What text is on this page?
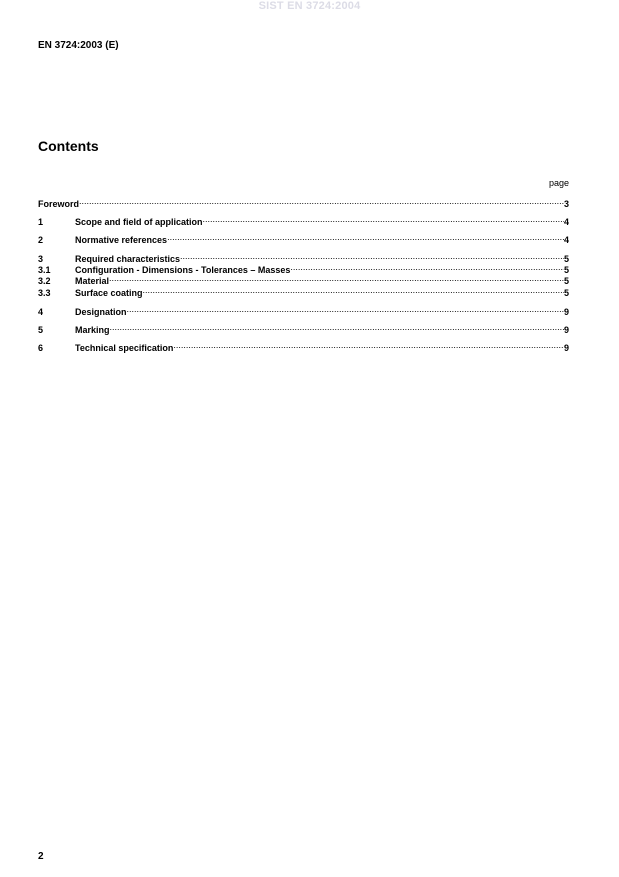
SIST EN 3724:2004
EN 3724:2003 (E)
Contents
page
Foreword .....	3
1	Scope and field of application .....	4
2	Normative references .....	4
3	Required characteristics .....	5
3.1	Configuration - Dimensions - Tolerances – Masses .....	5
3.2	Material .....	5
3.3	Surface coating .....	5
4	Designation .....	9
5	Marking .....	9
6	Technical specification .....	9
2
